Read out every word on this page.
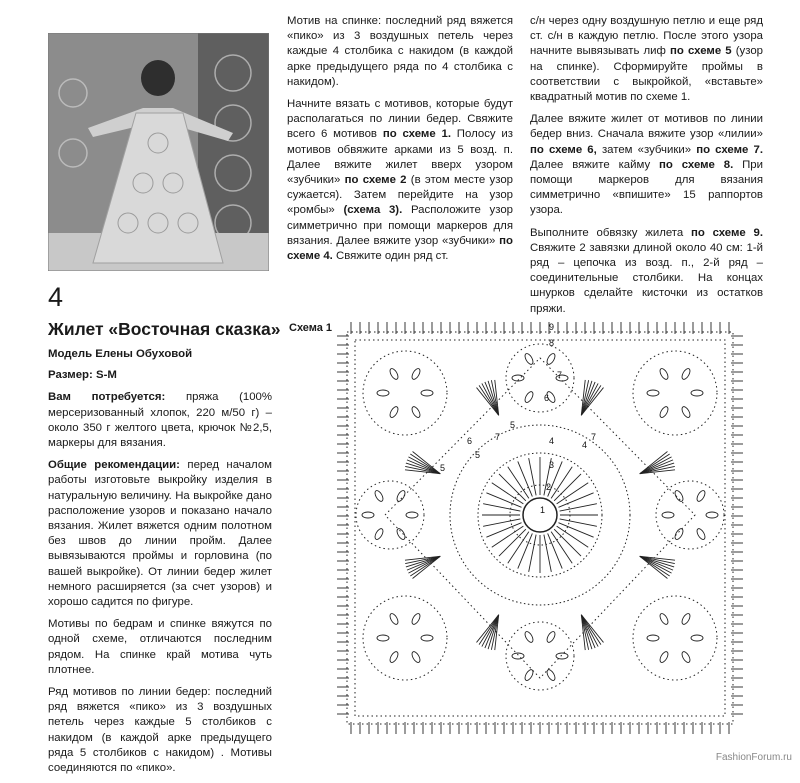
4
Жилет «Восточная сказка»

Модель Елены Обуховой

Размер: S-M

Вам потребуется: пряжа (100% мерсеризованный хлопок, 220 м/50 г) – около 350 г желтого цвета, крючок №2,5, маркеры для вязания.

Общие рекомендации: перед началом работы изготовьте выкройку изделия в натуральную величину. На выкройке дано расположение узоров и показано начало вязания. Жилет вяжется одним полотном без швов до линии пройм. Далее вывязываются проймы и горловина (по вашей выкройке). От линии бедер жилет немного расширяется (за счет узоров) и хорошо садится по фигуре.

Мотивы по бедрам и спинке вяжутся по одной схеме, отличаются последним рядом. На спинке край мотива чуть плотнее.

Ряд мотивов по линии бедер: последний ряд вяжется «пико» из 3 воздушных петель через каждые 5 столбиков с накидом (в каждой арке предыдущего ряда 5 столбиков с накидом) . Мотивы соединяются по «пико».

Мотив на спинке: последний ряд вяжется «пико» из 3 воздушных петель через каждые 4 столбика с накидом (в каждой арке предыдущего ряда по 4 столбика с накидом).

Начните вязать с мотивов, которые будут располагаться по линии бедер. Свяжите всего 6 мотивов по схеме 1. Полосу из мотивов обвяжите арками из 5 возд. п. Далее вяжите жилет вверх узором «зубчики» по схеме 2 (в этом месте узор сужается). Затем перейдите на узор «ромбы» (схема 3). Расположите узор симметрично при помощи маркеров для вязания. Далее вяжите узор «зубчики» по схеме 4. Свяжите один ряд ст.

с/н через одну воздушную петлю и еще ряд ст. с/н в каждую петлю. После этого узора начните вывязывать лиф по схеме 5 (узор на спинке). Сформируйте проймы в соответствии с выкройкой, «вставьте» квадратный мотив по схеме 1.

Далее вяжите жилет от мотивов по линии бедер вниз. Сначала вяжите узор «лилии» по схеме 6, затем «зубчики» по схеме 7. Далее вяжите кайму по схеме 8. При помощи маркеров для вязания симметрично «впишите» 15 раппортов узора.

Выполните обвязку жилета по схеме 9. Свяжите 2 завязки длиной около 40 см: 1-й ряд – цепочка из возд. п., 2-й ряд – соединительные столбики. На концах шнурков сделайте кисточки из остатков пряжи.

Схема 1
1
2
3
4
5
6
7
8
9
5
6	7	7
4
5
FashionForum.ru
